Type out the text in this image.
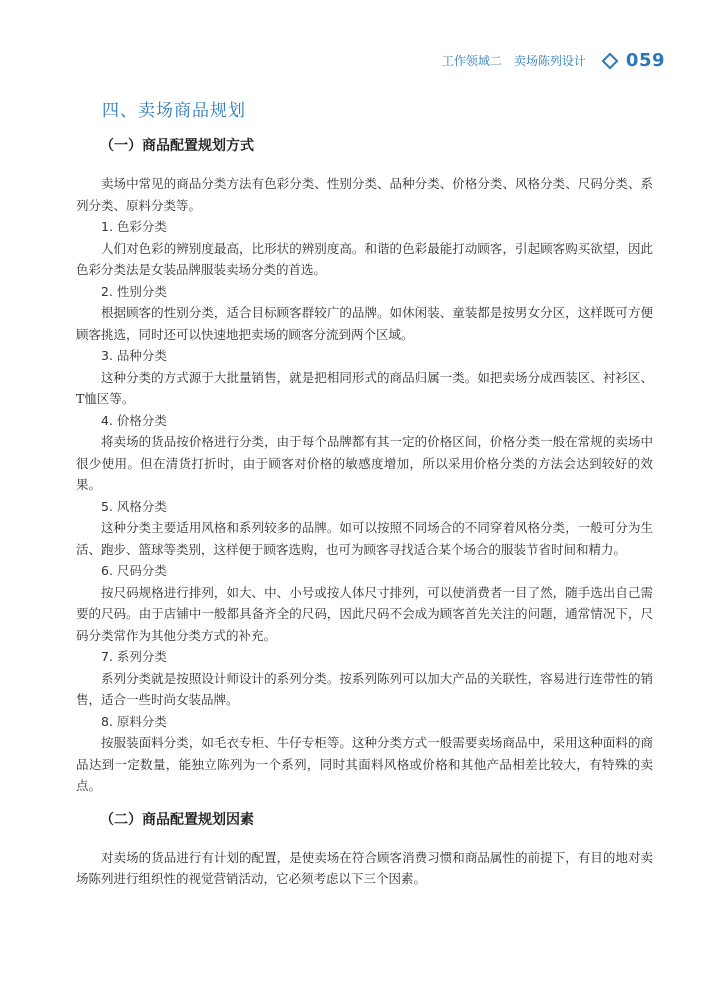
工作领域二　卖场陈列设计 059
四、卖场商品规划
（一）商品配置规划方式

卖场中常见的商品分类方法有色彩分类、性别分类、品种分类、价格分类、风格分类、尺码分类、系列分类、原料分类等。

1. 色彩分类

人们对色彩的辨别度最高，比形状的辨别度高。和谐的色彩最能打动顾客，引起顾客购买欲望，因此色彩分类法是女装品牌服装卖场分类的首选。

2. 性别分类

根据顾客的性别分类，适合目标顾客群较广的品牌。如休闲装、童装都是按男女分区，这样既可方便顾客挑选，同时还可以快速地把卖场的顾客分流到两个区域。

3. 品种分类

这种分类的方式源于大批量销售，就是把相同形式的商品归属一类。如把卖场分成西装区、衬衫区、T恤区等。

4. 价格分类

将卖场的货品按价格进行分类，由于每个品牌都有其一定的价格区间，价格分类一般在常规的卖场中很少使用。但在清货打折时，由于顾客对价格的敏感度增加，所以采用价格分类的方法会达到较好的效果。

5. 风格分类

这种分类主要适用风格和系列较多的品牌。如可以按照不同场合的不同穿着风格分类，一般可分为生活、跑步、篮球等类别，这样便于顾客选购，也可为顾客寻找适合某个场合的服装节省时间和精力。

6. 尺码分类

按尺码规格进行排列，如大、中、小号或按人体尺寸排列，可以使消费者一目了然，随手选出自己需要的尺码。由于店铺中一般都具备齐全的尺码，因此尺码不会成为顾客首先关注的问题，通常情况下，尺码分类常作为其他分类方式的补充。

7. 系列分类

系列分类就是按照设计师设计的系列分类。按系列陈列可以加大产品的关联性，容易进行连带性的销售，适合一些时尚女装品牌。

8. 原料分类

按服装面料分类，如毛衣专柜、牛仔专柜等。这种分类方式一般需要卖场商品中，采用这种面料的商品达到一定数量，能独立陈列为一个系列，同时其面料风格或价格和其他产品相差比较大，有特殊的卖点。

（二）商品配置规划因素

对卖场的货品进行有计划的配置，是使卖场在符合顾客消费习惯和商品属性的前提下，有目的地对卖场陈列进行组织性的视觉营销活动，它必须考虑以下三个因素。
